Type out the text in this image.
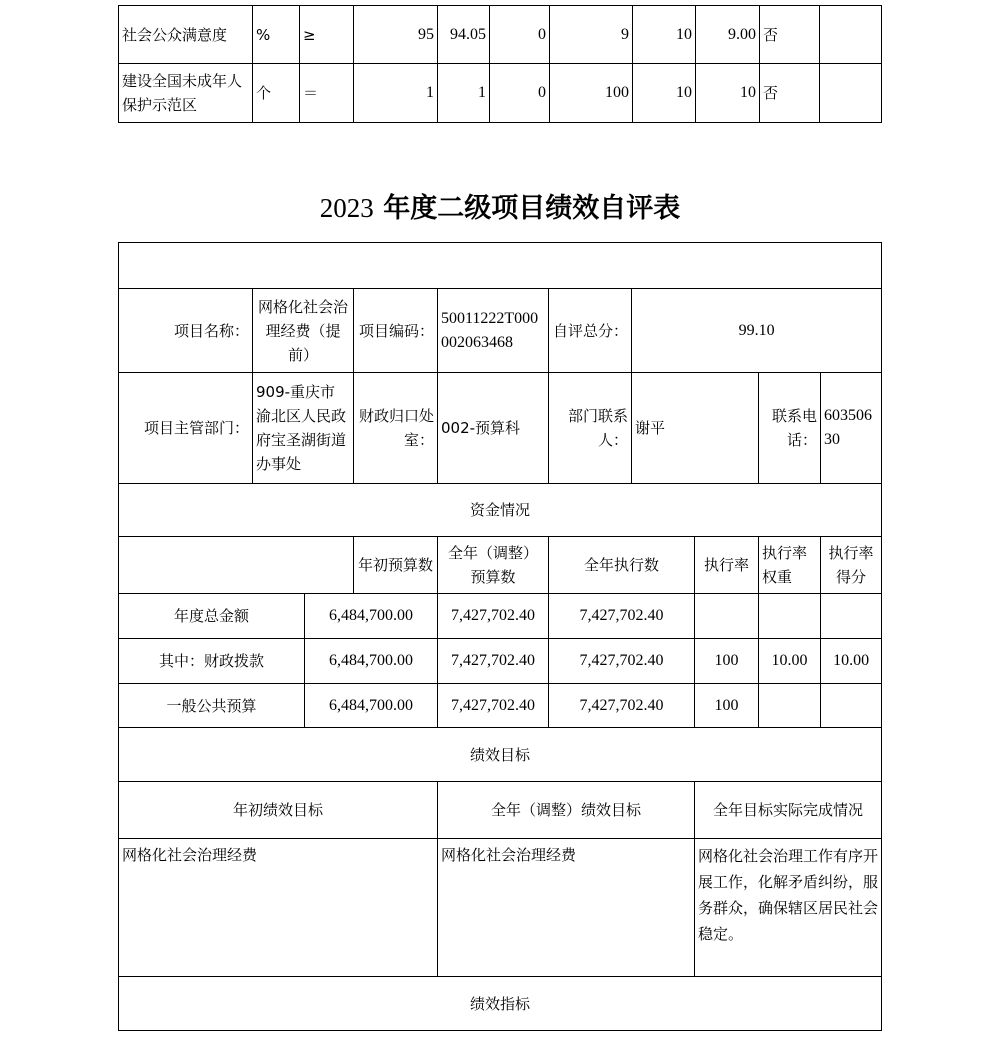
社会公众满意度	%	≥	95	94.05	0	9	10	9.00	否	
建设全国未成年人保护示范区	个	＝	1	1	0	100	10	10	否	
2023 年度二级项目绩效自评表

项目名称：	网格化社会治理经费（提前）		项目编码：	50011222T000002063468	自评总分：	99.10			
项目主管部门：	909-重庆市渝北区人民政府宝圣湖街道办事处		财政归口处室：	002-预算科	部门联系人：	谢平		联系电话：	60350630
资金情况									
			年初预算数	全年（调整）预算数	全年执行数		执行率	执行率权重	执行率得分
年度总金额		6,484,700.00		7,427,702.40	7,427,702.40				
其中：财政拨款		6,484,700.00		7,427,702.40	7,427,702.40		100	10.00	10.00
一般公共预算		6,484,700.00		7,427,702.40	7,427,702.40		100		
绩效目标									
年初绩效目标				全年（调整）绩效目标			全年目标实际完成情况		
网格化社会治理经费				网格化社会治理经费			网格化社会治理工作有序开展工作，化解矛盾纠纷，服务群众，确保辖区居民社会稳定。		
绩效指标									
